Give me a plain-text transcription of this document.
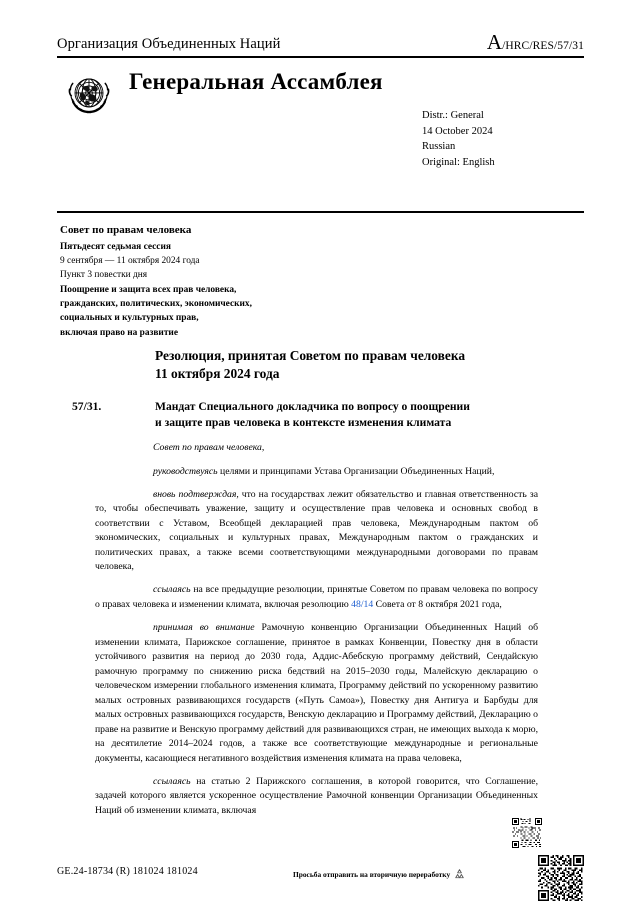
Организация Объединенных Наций	A /HRC/RES/57/31
Генеральная Ассамблея
Distr.: General
14 October 2024
Russian
Original: English
Совет по правам человека
Пятьдесят седьмая сессия
9 сентября — 11 октября 2024 года
Пункт 3 повестки дня
Поощрение и защита всех прав человека,
гражданских, политических, экономических,
социальных и культурных прав,
включая право на развитие
Резолюция, принятая Советом по правам человека
11 октября 2024 года
57/31.	Мандат Специального докладчика по вопросу о поощрении
и защите прав человека в контексте изменения климата

Совет по правам человека,

руководствуясь целями и принципами Устава Организации Объединенных Наций,

вновь подтверждая, что на государствах лежит обязательство и главная ответственность за то, чтобы обеспечивать уважение, защиту и осуществление прав человека и основных свобод в соответствии с Уставом, Всеобщей декларацией прав человека, Международным пактом об экономических, социальных и культурных правах, Международным пактом о гражданских и политических правах, а также всеми соответствующими международными договорами по правам человека,

ссылаясь на все предыдущие резолюции, принятые Советом по правам человека по вопросу о правах человека и изменении климата, включая резолюцию 48/14 Совета от 8 октября 2021 года,

принимая во внимание Рамочную конвенцию Организации Объединенных Наций об изменении климата, Парижское соглашение, принятое в рамках Конвенции, Повестку дня в области устойчивого развития на период до 2030 года, Аддис-Абебскую программу действий, Сендайскую рамочную программу по снижению риска бедствий на 2015–2030 годы, Малейскую декларацию о человеческом измерении глобального изменения климата, Программу действий по ускоренному развитию малых островных развивающихся государств («Путь Самоа»), Повестку дня Антигуа и Барбуды для малых островных развивающихся государств, Венскую декларацию и Программу действий, Декларацию о праве на развитие и Венскую программу действий для развивающихся стран, не имеющих выхода к морю, на десятилетие 2014–2024 годов, а также все соответствующие международные и региональные документы, касающиеся негативного воздействия изменения климата на права человека,

ссылаясь на статью 2 Парижского соглашения, в которой говорится, что Соглашение, задачей которого является ускоренное осуществление Рамочной конвенции Организации Объединенных Наций об изменении климата, включая

GE.24-18734 (R) 181024 181024	Просьба отправить на вторичную переработку
